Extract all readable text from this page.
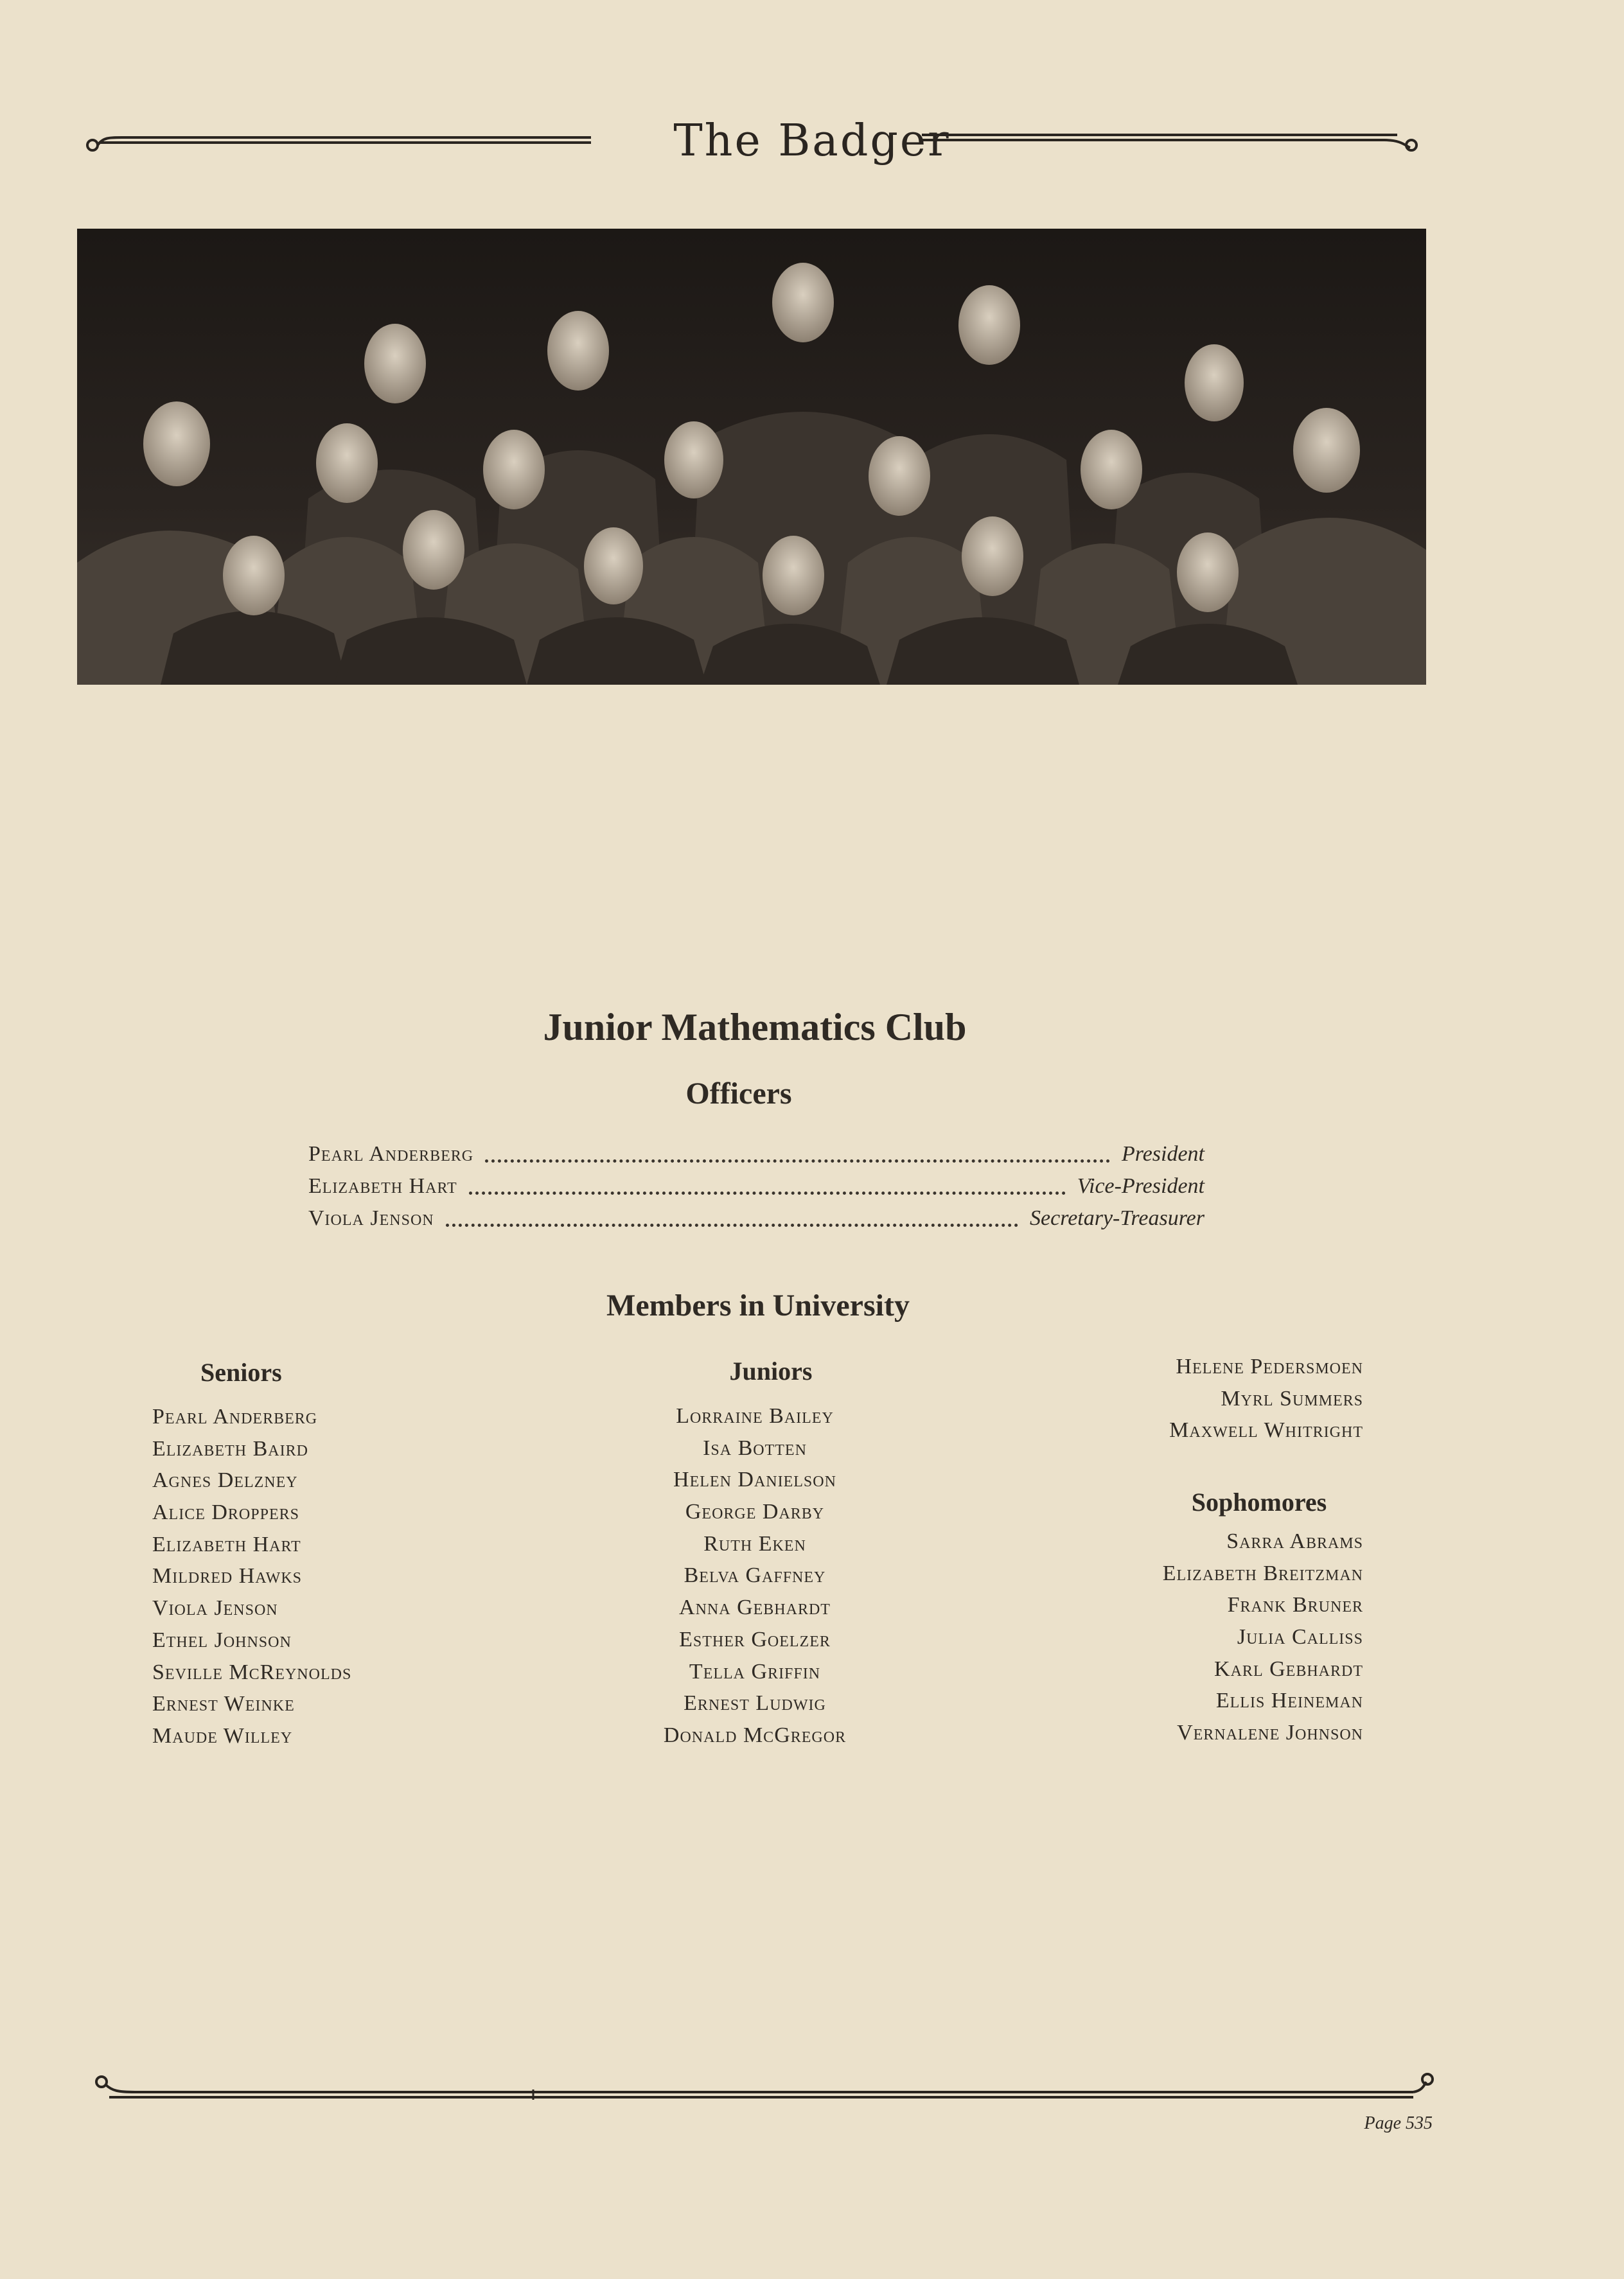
The Badger
Junior Mathematics Club
Officers
Pearl Anderberg	President
Elizabeth Hart	Vice-President
Viola Jenson	Secretary-Treasurer
Members in University
Seniors
Pearl Anderberg
Elizabeth Baird
Agnes Delzney
Alice Droppers
Elizabeth Hart
Mildred Hawks
Viola Jenson
Ethel Johnson
Seville McReynolds
Ernest Weinke
Maude Willey
Juniors
Lorraine Bailey
Isa Botten
Helen Danielson
George Darby
Ruth Eken
Belva Gaffney
Anna Gebhardt
Esther Goelzer
Tella Griffin
Ernest Ludwig
Donald McGregor
Helene Pedersmoen
Myrl Summers
Maxwell Whitright
Sophomores
Sarra Abrams
Elizabeth Breitzman
Frank Bruner
Julia Calliss
Karl Gebhardt
Ellis Heineman
Vernalene Johnson
Page 535
